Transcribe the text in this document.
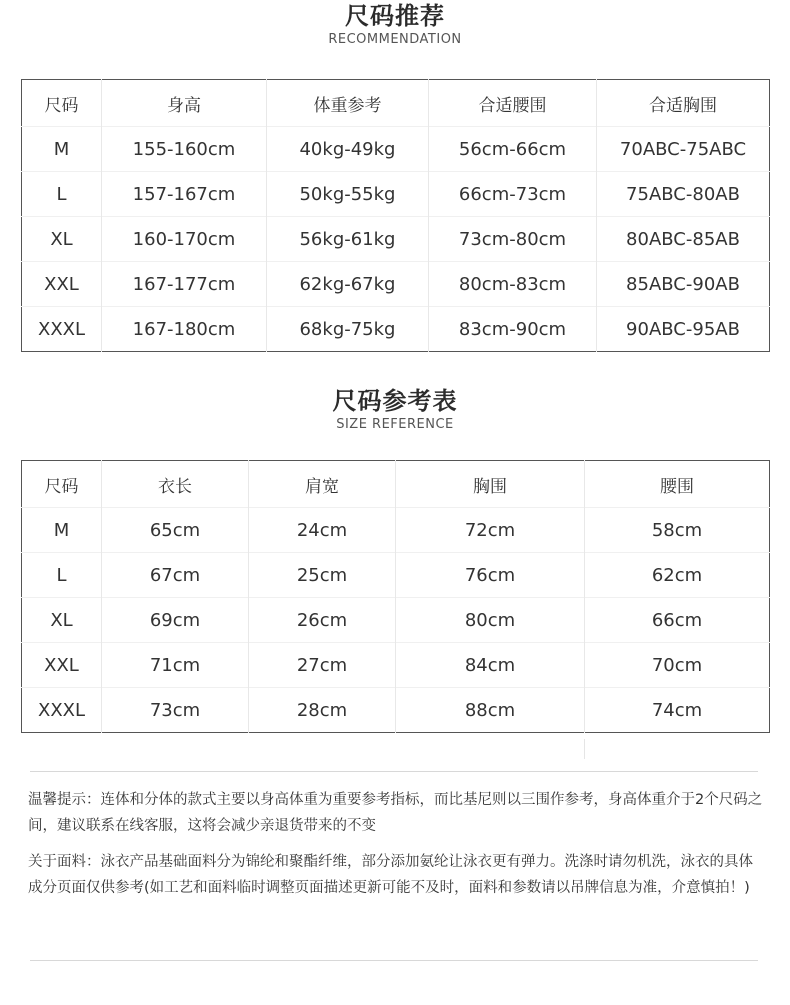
尺码推荐
RECOMMENDATION
尺码	身高	体重参考	合适腰围	合适胸围
M	155-160cm	40kg-49kg	56cm-66cm	70ABC-75ABC
L	157-167cm	50kg-55kg	66cm-73cm	75ABC-80AB
XL	160-170cm	56kg-61kg	73cm-80cm	80ABC-85AB
XXL	167-177cm	62kg-67kg	80cm-83cm	85ABC-90AB
XXXL	167-180cm	68kg-75kg	83cm-90cm	90ABC-95AB
尺码参考表
SIZE REFERENCE
尺码	衣长	肩宽	胸围	腰围
M	65cm	24cm	72cm	58cm
L	67cm	25cm	76cm	62cm
XL	69cm	26cm	80cm	66cm
XXL	71cm	27cm	84cm	70cm
XXXL	73cm	28cm	88cm	74cm

温馨提示：连体和分体的款式主要以身高体重为重要参考指标，而比基尼则以三围作参考，身高体重介于2个尺码之间，建议联系在线客服，这将会减少亲退货带来的不变

关于面料：泳衣产品基础面料分为锦纶和聚酯纤维，部分添加氨纶让泳衣更有弹力。洗涤时请勿机洗，泳衣的具体成分页面仅供参考(如工艺和面料临时调整页面描述更新可能不及时，面料和参数请以吊牌信息为准，介意慎拍！)
